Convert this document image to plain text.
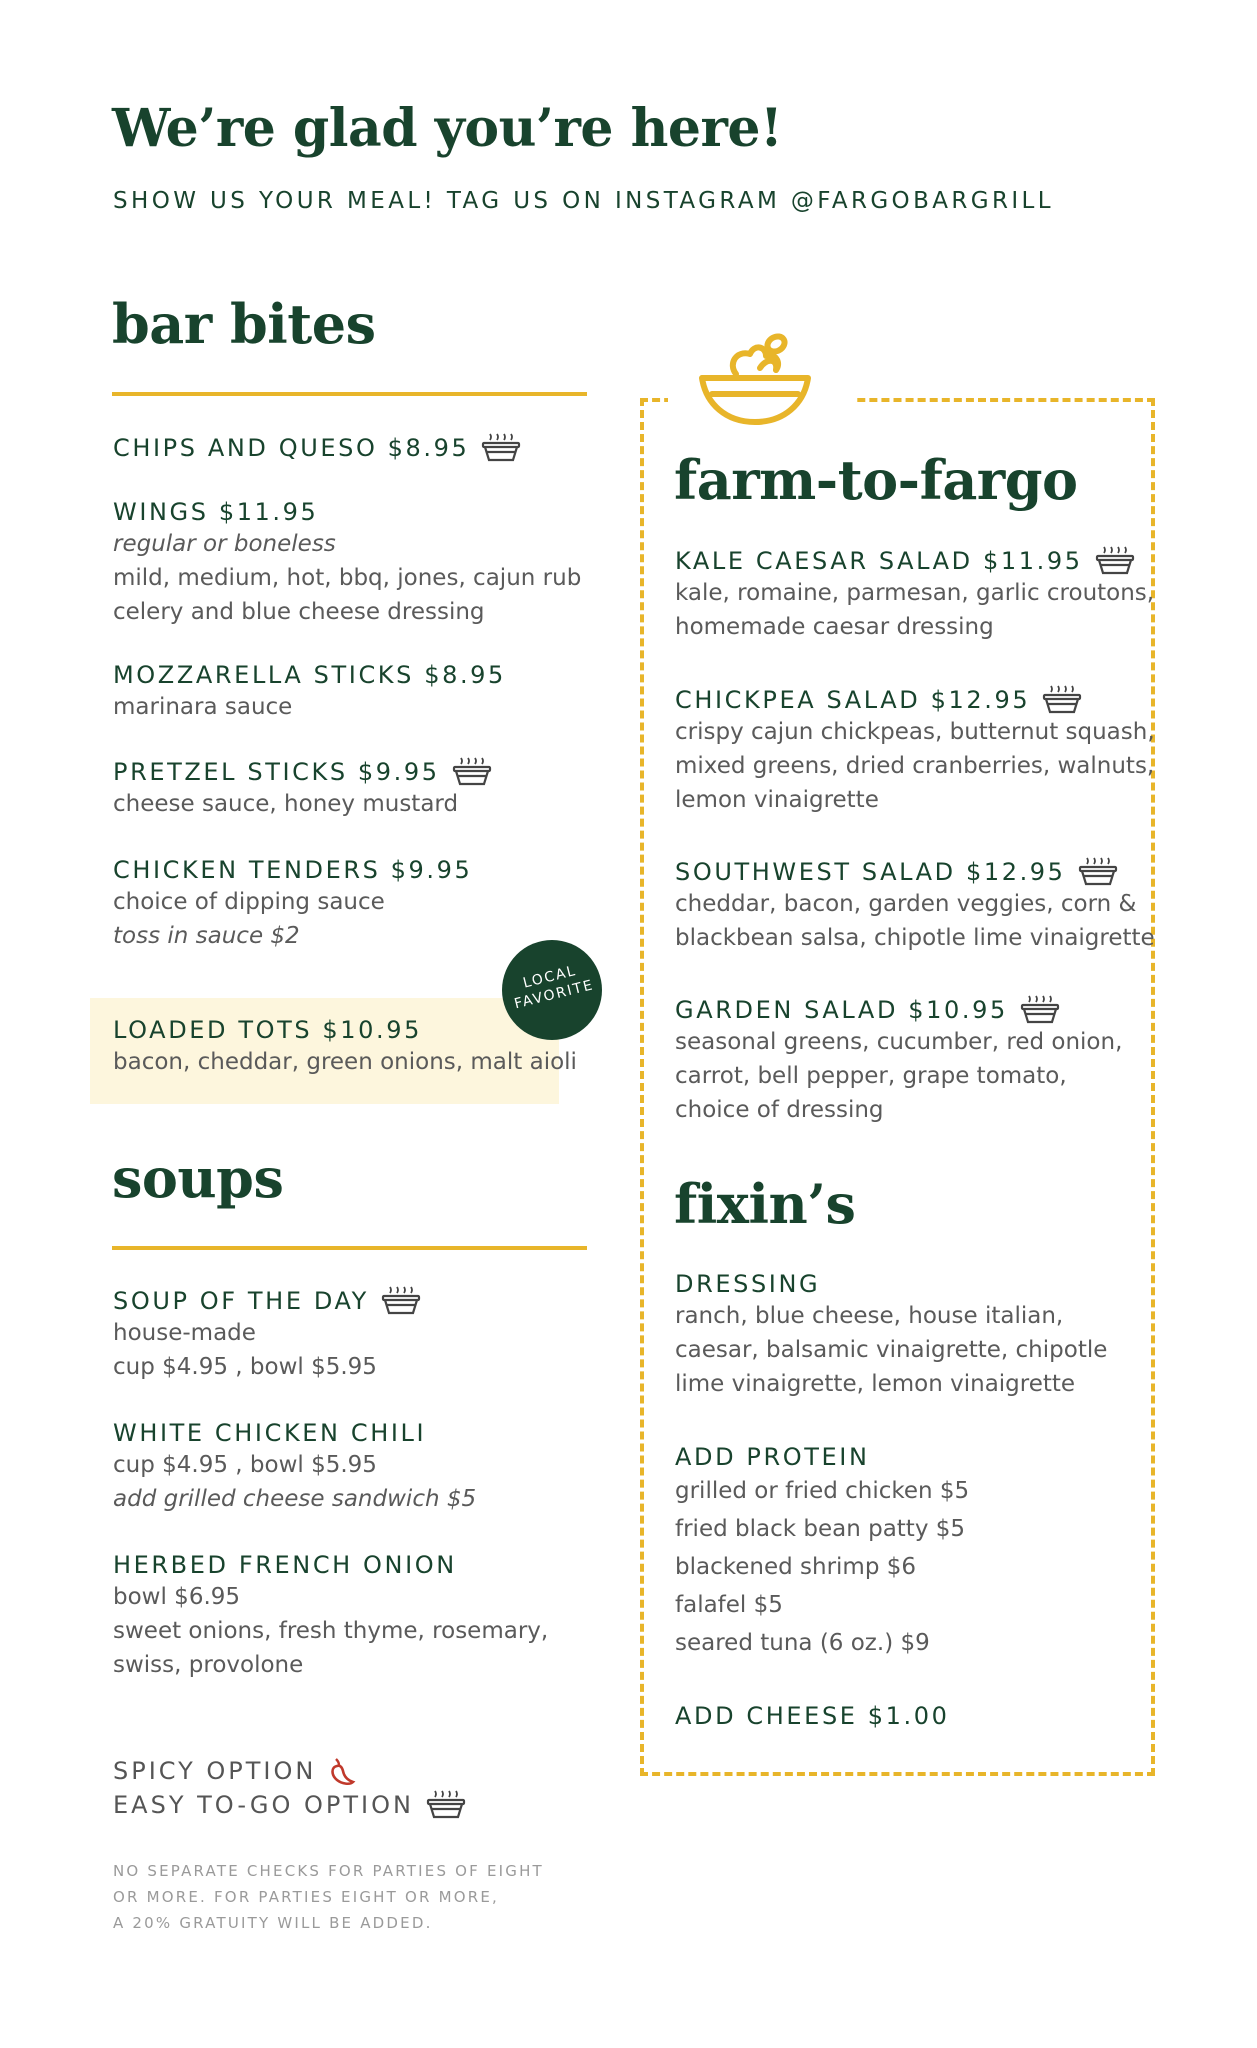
We’re glad you’re here!
SHOW US YOUR MEAL! TAG US ON INSTAGRAM @FARGOBARGRILL
bar bites
CHIPS AND QUESO $8.95
WINGS $11.95
regular or boneless
mild, medium, hot, bbq, jones, cajun rub
celery and blue cheese dressing
MOZZARELLA STICKS $8.95
marinara sauce
PRETZEL STICKS $9.95
cheese sauce, honey mustard
CHICKEN TENDERS $9.95
choice of dipping sauce
toss in sauce $2
LOCAL FAVORITE
LOADED TOTS $10.95
bacon, cheddar, green onions, malt aioli
soups
SOUP OF THE DAY
house-made
cup $4.95 , bowl $5.95
WHITE CHICKEN CHILI
cup $4.95 , bowl $5.95
add grilled cheese sandwich $5
HERBED FRENCH ONION
bowl $6.95
sweet onions, fresh thyme, rosemary,
swiss, provolone
SPICY OPTION
EASY TO-GO OPTION
NO SEPARATE CHECKS FOR PARTIES OF EIGHT
OR MORE. FOR PARTIES EIGHT OR MORE,
A 20% GRATUITY WILL BE ADDED.
farm-to-fargo
KALE CAESAR SALAD $11.95
kale, romaine, parmesan, garlic croutons,
homemade caesar dressing
CHICKPEA SALAD $12.95
crispy cajun chickpeas, butternut squash,
mixed greens, dried cranberries, walnuts,
lemon vinaigrette
SOUTHWEST SALAD $12.95
cheddar, bacon, garden veggies, corn &
blackbean salsa, chipotle lime vinaigrette
GARDEN SALAD $10.95
seasonal greens, cucumber, red onion,
carrot, bell pepper, grape tomato,
choice of dressing
fixin’s
DRESSING
ranch, blue cheese, house italian,
caesar, balsamic vinaigrette, chipotle
lime vinaigrette, lemon vinaigrette
ADD PROTEIN
grilled or fried chicken $5
fried black bean patty $5
blackened shrimp $6
falafel $5
seared tuna (6 oz.) $9
ADD CHEESE $1.00
